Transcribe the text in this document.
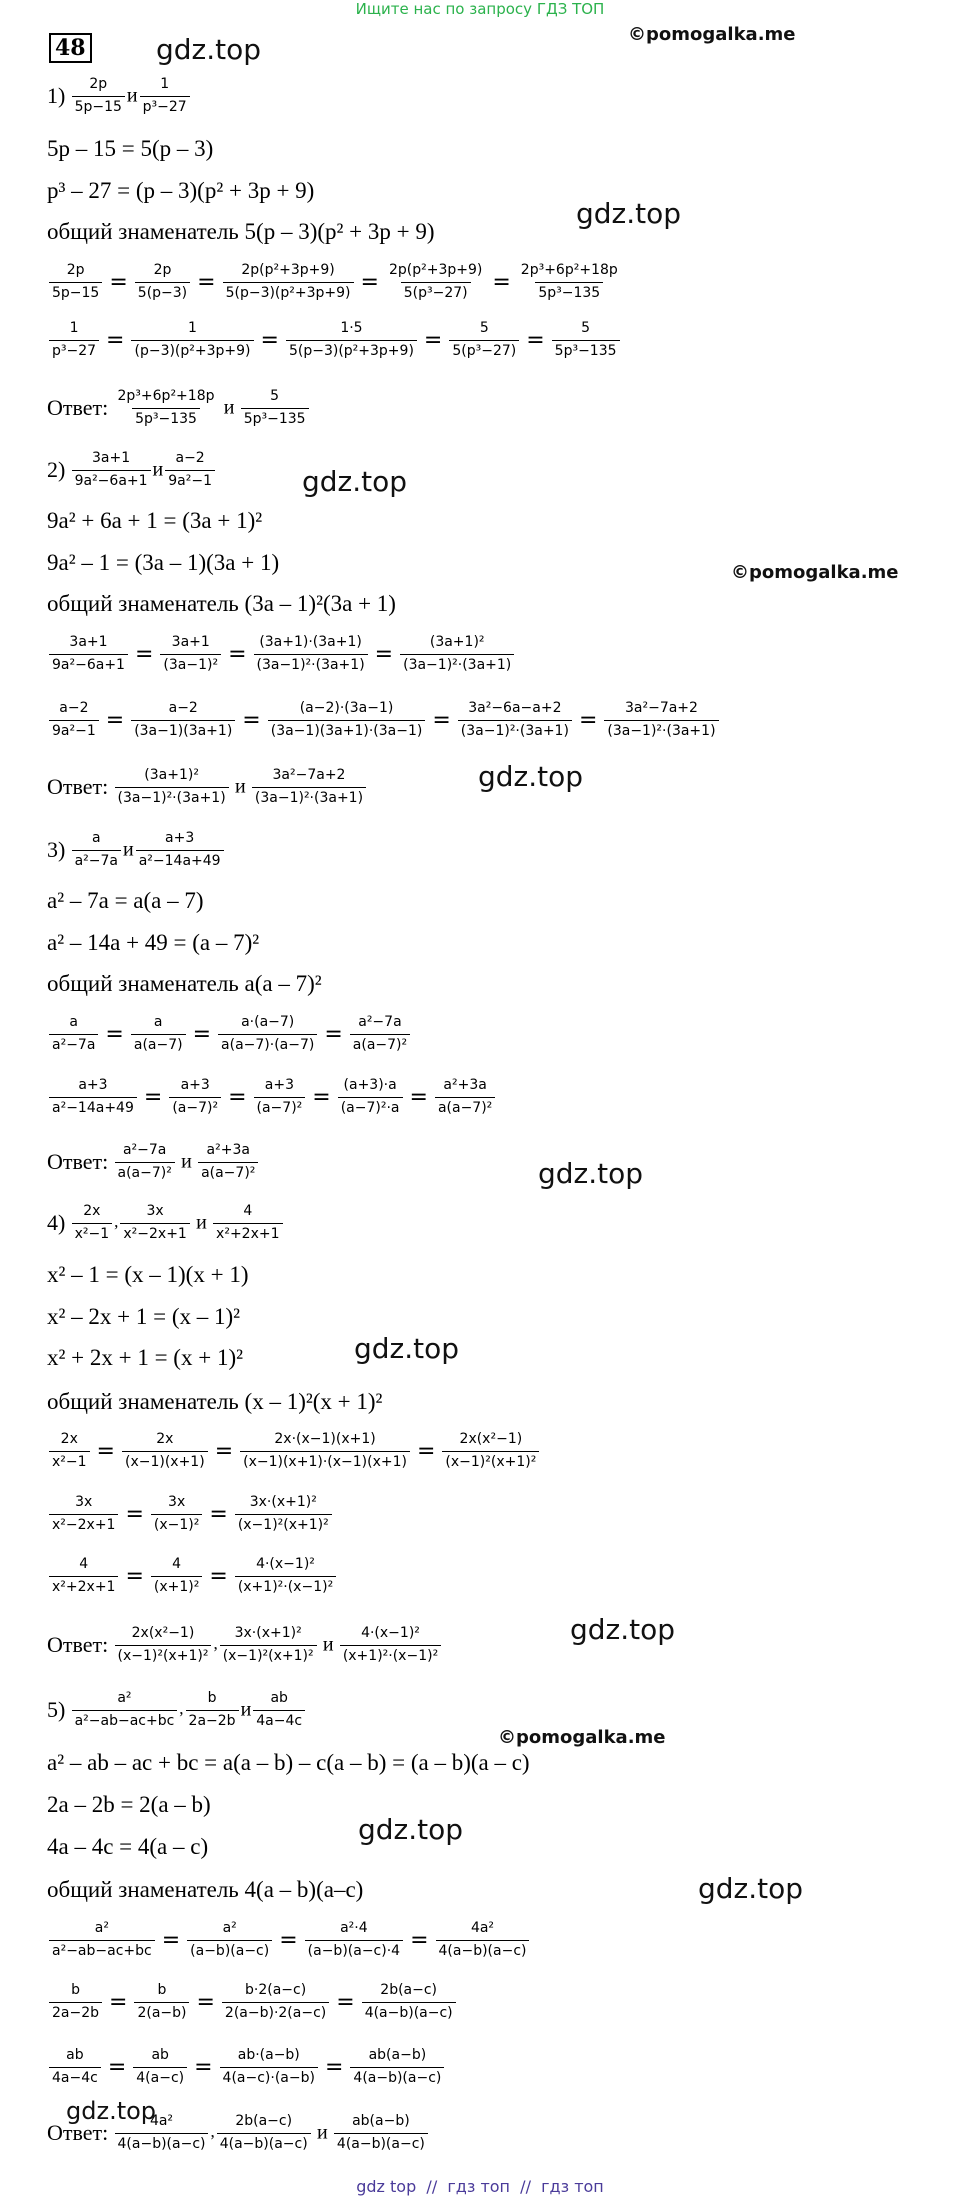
Ищите нас по запросу ГДЗ ТОП
48	gdz.top	©pomogalka.me
gdz.top
gdz.top
©pomogalka.me
gdz.top
gdz.top
gdz.top
gdz.top
©pomogalka.me
gdz.top
gdz.top
gdz.top
$1) \frac{2p}{5p-15}$ и $\frac{1}{\text{p³−27}}$
5p – 15 = 5(p – 3)
p³ – 27 = (p – 3)(p² + 3p + 9)
общий знаменатель 5(p – 3)(p² + 3p + 9)
$\frac{2p}{5p-15} = \frac{2p}{5(p-3)} = \frac{\text{2p(p²+3p+9)}}{\text{5(p−3)(p²+3p+9)}} = \frac{\text{2p(p²+3p+9)}}{\text{5(p³−27)}} = \frac{\text{2p³+6p²+18p}}{\text{5p³−135}}$
$\frac{1}{\text{p³−27}} = \frac{1}{\text{(p−3)(p²+3p+9)}} = \frac{1\cdot 5}{\text{5(p−3)(p²+3p+9)}} = \frac{5}{\text{5(p³−27)}} = \frac{5}{\text{5p³−135}}$
Ответ: $\frac{\text{2p³+6p²+18p}}{\text{5p³−135}}$ и $\frac{5}{\text{5p³−135}}$
$2) \frac{3a+1}{\text{9a²−6a+1}}$ и $\frac{a-2}{\text{9a²−1}}$
9a² + 6a + 1 = (3a + 1)²
9a² – 1 = (3a – 1)(3a + 1)
общий знаменатель (3a – 1)²(3a + 1)
$\frac{3a+1}{\text{9a²−6a+1}} = \frac{3a+1}{\text{(3a−1)²}} = \frac{(3a+1)\cdot(3a+1)}{\text{(3a−1)²·(3a+1)}} = \frac{\text{(3a+1)²}}{\text{(3a−1)²·(3a+1)}}$
$\frac{a-2}{\text{9a²−1}} = \frac{a-2}{(3a-1)(3a+1)} = \frac{(a-2)\cdot(3a-1)}{(3a-1)(3a+1)\cdot(3a-1)} = \frac{\text{3a²−6a−a+2}}{\text{(3a−1)²·(3a+1)}} = \frac{\text{3a²−7a+2}}{\text{(3a−1)²·(3a+1)}}$
Ответ: $\frac{\text{(3a+1)²}}{\text{(3a−1)²·(3a+1)}}$ и $\frac{\text{3a²−7a+2}}{\text{(3a−1)²·(3a+1)}}$
$3) \frac{a}{\text{a²−7a}}$ и $\frac{a+3}{\text{a²−14a+49}}$
a² – 7a = a(a – 7)
a² – 14a + 49 = (a – 7)²
общий знаменатель a(a – 7)²
$\frac{a}{\text{a²−7a}} = \frac{a}{a(a-7)} = \frac{a\cdot(a-7)}{a(a-7)\cdot(a-7)} = \frac{\text{a²−7a}}{\text{a(a−7)²}}$
$\frac{a+3}{\text{a²−14a+49}} = \frac{a+3}{\text{(a−7)²}} = \frac{a+3}{\text{(a−7)²}} = \frac{(a+3)\cdot a}{\text{(a−7)²·a}} = \frac{\text{a²+3a}}{\text{a(a−7)²}}$
Ответ: $\frac{\text{a²−7a}}{\text{a(a−7)²}}$ и $\frac{\text{a²+3a}}{\text{a(a−7)²}}$
$4) \frac{2x}{\text{x²−1}}$ , $\frac{3x}{\text{x²−2x+1}}$ и $\frac{4}{\text{x²+2x+1}}$
x² – 1 = (x – 1)(x + 1)
x² – 2x + 1 = (x – 1)²
x² + 2x + 1 = (x + 1)²
общий знаменатель (x – 1)²(x + 1)²
$\frac{2x}{\text{x²−1}} = \frac{2x}{(x-1)(x+1)} = \frac{2x\cdot(x-1)(x+1)}{(x-1)(x+1)\cdot(x-1)(x+1)} = \frac{\text{2x(x²−1)}}{\text{(x−1)²(x+1)²}}$
$\frac{3x}{\text{x²−2x+1}} = \frac{3x}{\text{(x−1)²}} = \frac{\text{3x·(x+1)²}}{\text{(x−1)²(x+1)²}}$
$\frac{4}{\text{x²+2x+1}} = \frac{4}{\text{(x+1)²}} = \frac{\text{4·(x−1)²}}{\text{(x+1)²·(x−1)²}}$
Ответ: $\frac{\text{2x(x²−1)}}{\text{(x−1)²(x+1)²}}$ , $\frac{\text{3x·(x+1)²}}{\text{(x−1)²(x+1)²}}$ и $\frac{\text{4·(x−1)²}}{\text{(x+1)²·(x−1)²}}$
$5) \frac{\text{a²}}{\text{a²−ab−ac+bc}}$ , $\frac{b}{2a-2b}$ и $\frac{ab}{4a-4c}$
a² – ab – ac + bc = a(a – b) – c(a – b) = (a – b)(a – c)
2a – 2b = 2(a – b)
4a – 4c = 4(a – c)
общий знаменатель 4(a – b)(a–c)
$\frac{\text{a²}}{\text{a²−ab−ac+bc}} = \frac{\text{a²}}{(a-b)(a-c)} = \frac{\text{a²·4}}{(a-b)(a-c)\cdot 4} = \frac{\text{4a²}}{4(a-b)(a-c)}$
$\frac{b}{2a-2b} = \frac{b}{2(a-b)} = \frac{b\cdot 2(a-c)}{2(a-b)\cdot 2(a-c)} = \frac{2b(a-c)}{4(a-b)(a-c)}$
$\frac{ab}{4a-4c} = \frac{ab}{4(a-c)} = \frac{ab\cdot(a-b)}{4(a-c)\cdot(a-b)} = \frac{ab(a-b)}{4(a-b)(a-c)}$
Ответ: $\frac{\text{4a²}}{4(a-b)(a-c)}$ , $\frac{2b(a-c)}{4(a-b)(a-c)}$ и $\frac{ab(a-b)}{4(a-b)(a-c)}$
gdz top  //  гдз топ  //  гдз топ
